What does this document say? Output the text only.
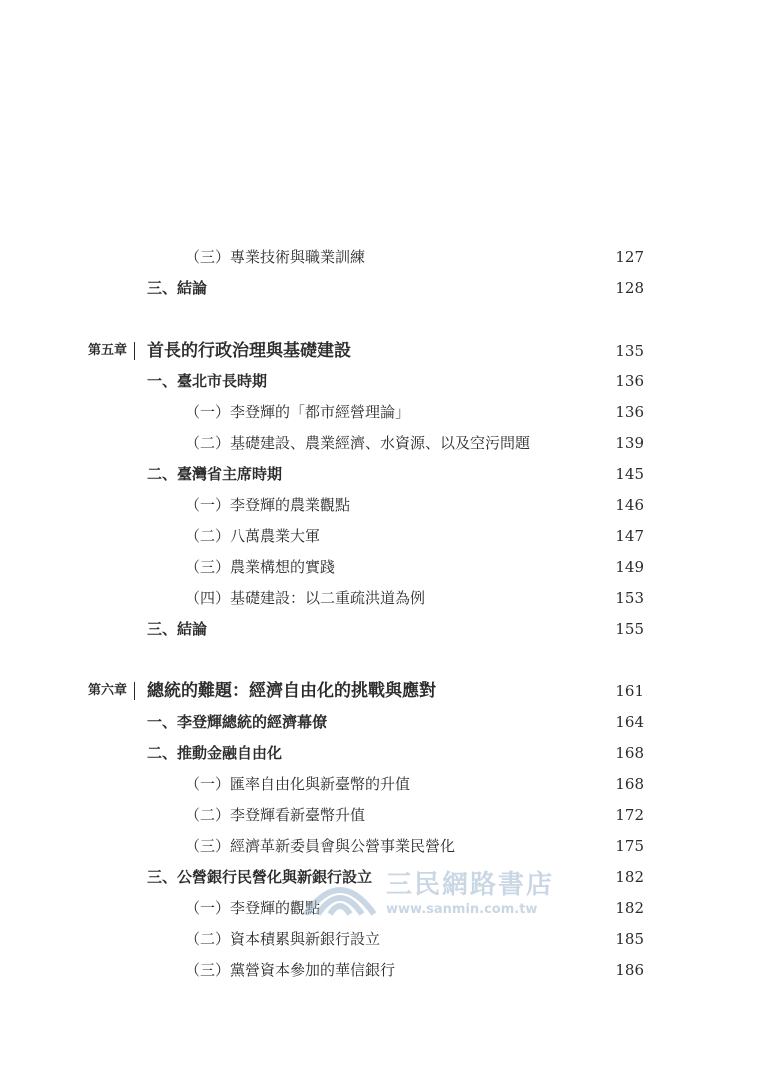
（三）專業技術與職業訓練	127
三、結論	128
第五章 首長的行政治理與基礎建設	135
一、臺北市長時期	136
（一）李登輝的「都市經營理論」	136
（二）基礎建設、農業經濟、水資源、以及空污問題	139
二、臺灣省主席時期	145
（一）李登輝的農業觀點	146
（二）八萬農業大軍	147
（三）農業構想的實踐	149
（四）基礎建設：以二重疏洪道為例	153
三、結論	155
第六章 總統的難題：經濟自由化的挑戰與應對	161
一、李登輝總統的經濟幕僚	164
二、推動金融自由化	168
（一）匯率自由化與新臺幣的升值	168
（二）李登輝看新臺幣升值	172
（三）經濟革新委員會與公營事業民營化	175
三、公營銀行民營化與新銀行設立	182
（一）李登輝的觀點	182
（二）資本積累與新銀行設立	185
（三）黨營資本參加的華信銀行	186
三民網路書店
www.sanmin.com.tw
